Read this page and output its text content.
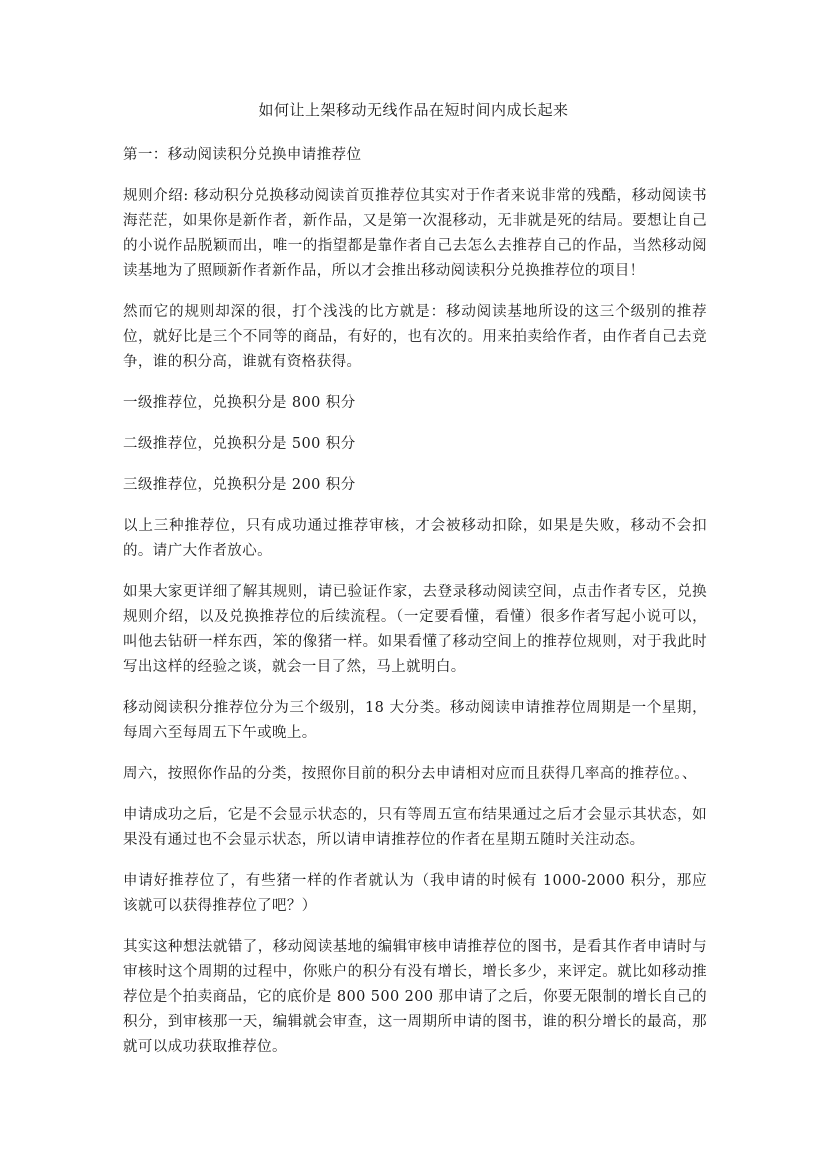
如何让上架移动无线作品在短时间内成长起来

第一：移动阅读积分兑换申请推荐位

规则介绍: 移动积分兑换移动阅读首页推荐位其实对于作者来说非常的残酷，移动阅读书海茫茫，如果你是新作者，新作品，又是第一次混移动，无非就是死的结局。要想让自己的小说作品脱颖而出，唯一的指望都是靠作者自己去怎么去推荐自己的作品，当然移动阅读基地为了照顾新作者新作品，所以才会推出移动阅读积分兑换推荐位的项目！

然而它的规则却深的很，打个浅浅的比方就是：移动阅读基地所设的这三个级别的推荐位，就好比是三个不同等的商品，有好的，也有次的。用来拍卖给作者，由作者自己去竞争，谁的积分高，谁就有资格获得。

一级推荐位，兑换积分是 800 积分

二级推荐位，兑换积分是 500 积分

三级推荐位，兑换积分是 200 积分

以上三种推荐位，只有成功通过推荐审核，才会被移动扣除，如果是失败，移动不会扣的。请广大作者放心。

如果大家更详细了解其规则，请已验证作家，去登录移动阅读空间，点击作者专区，兑换规则介绍，以及兑换推荐位的后续流程。（一定要看懂，看懂）很多作者写起小说可以，叫他去钻研一样东西，笨的像猪一样。如果看懂了移动空间上的推荐位规则，对于我此时写出这样的经验之谈，就会一目了然，马上就明白。

移动阅读积分推荐位分为三个级别，18 大分类。移动阅读申请推荐位周期是一个星期，每周六至每周五下午或晚上。

周六，按照你作品的分类，按照你目前的积分去申请相对应而且获得几率高的推荐位。、

申请成功之后，它是不会显示状态的，只有等周五宣布结果通过之后才会显示其状态，如果没有通过也不会显示状态，所以请申请推荐位的作者在星期五随时关注动态。

申请好推荐位了，有些猪一样的作者就认为（我申请的时候有 1000-2000 积分，那应该就可以获得推荐位了吧？）

其实这种想法就错了，移动阅读基地的编辑审核申请推荐位的图书，是看其作者申请时与审核时这个周期的过程中，你账户的积分有没有增长，增长多少，来评定。就比如移动推荐位是个拍卖商品，它的底价是 800 500 200 那申请了之后，你要无限制的增长自己的积分，到审核那一天，编辑就会审查，这一周期所申请的图书，谁的积分增长的最高，那就可以成功获取推荐位。
